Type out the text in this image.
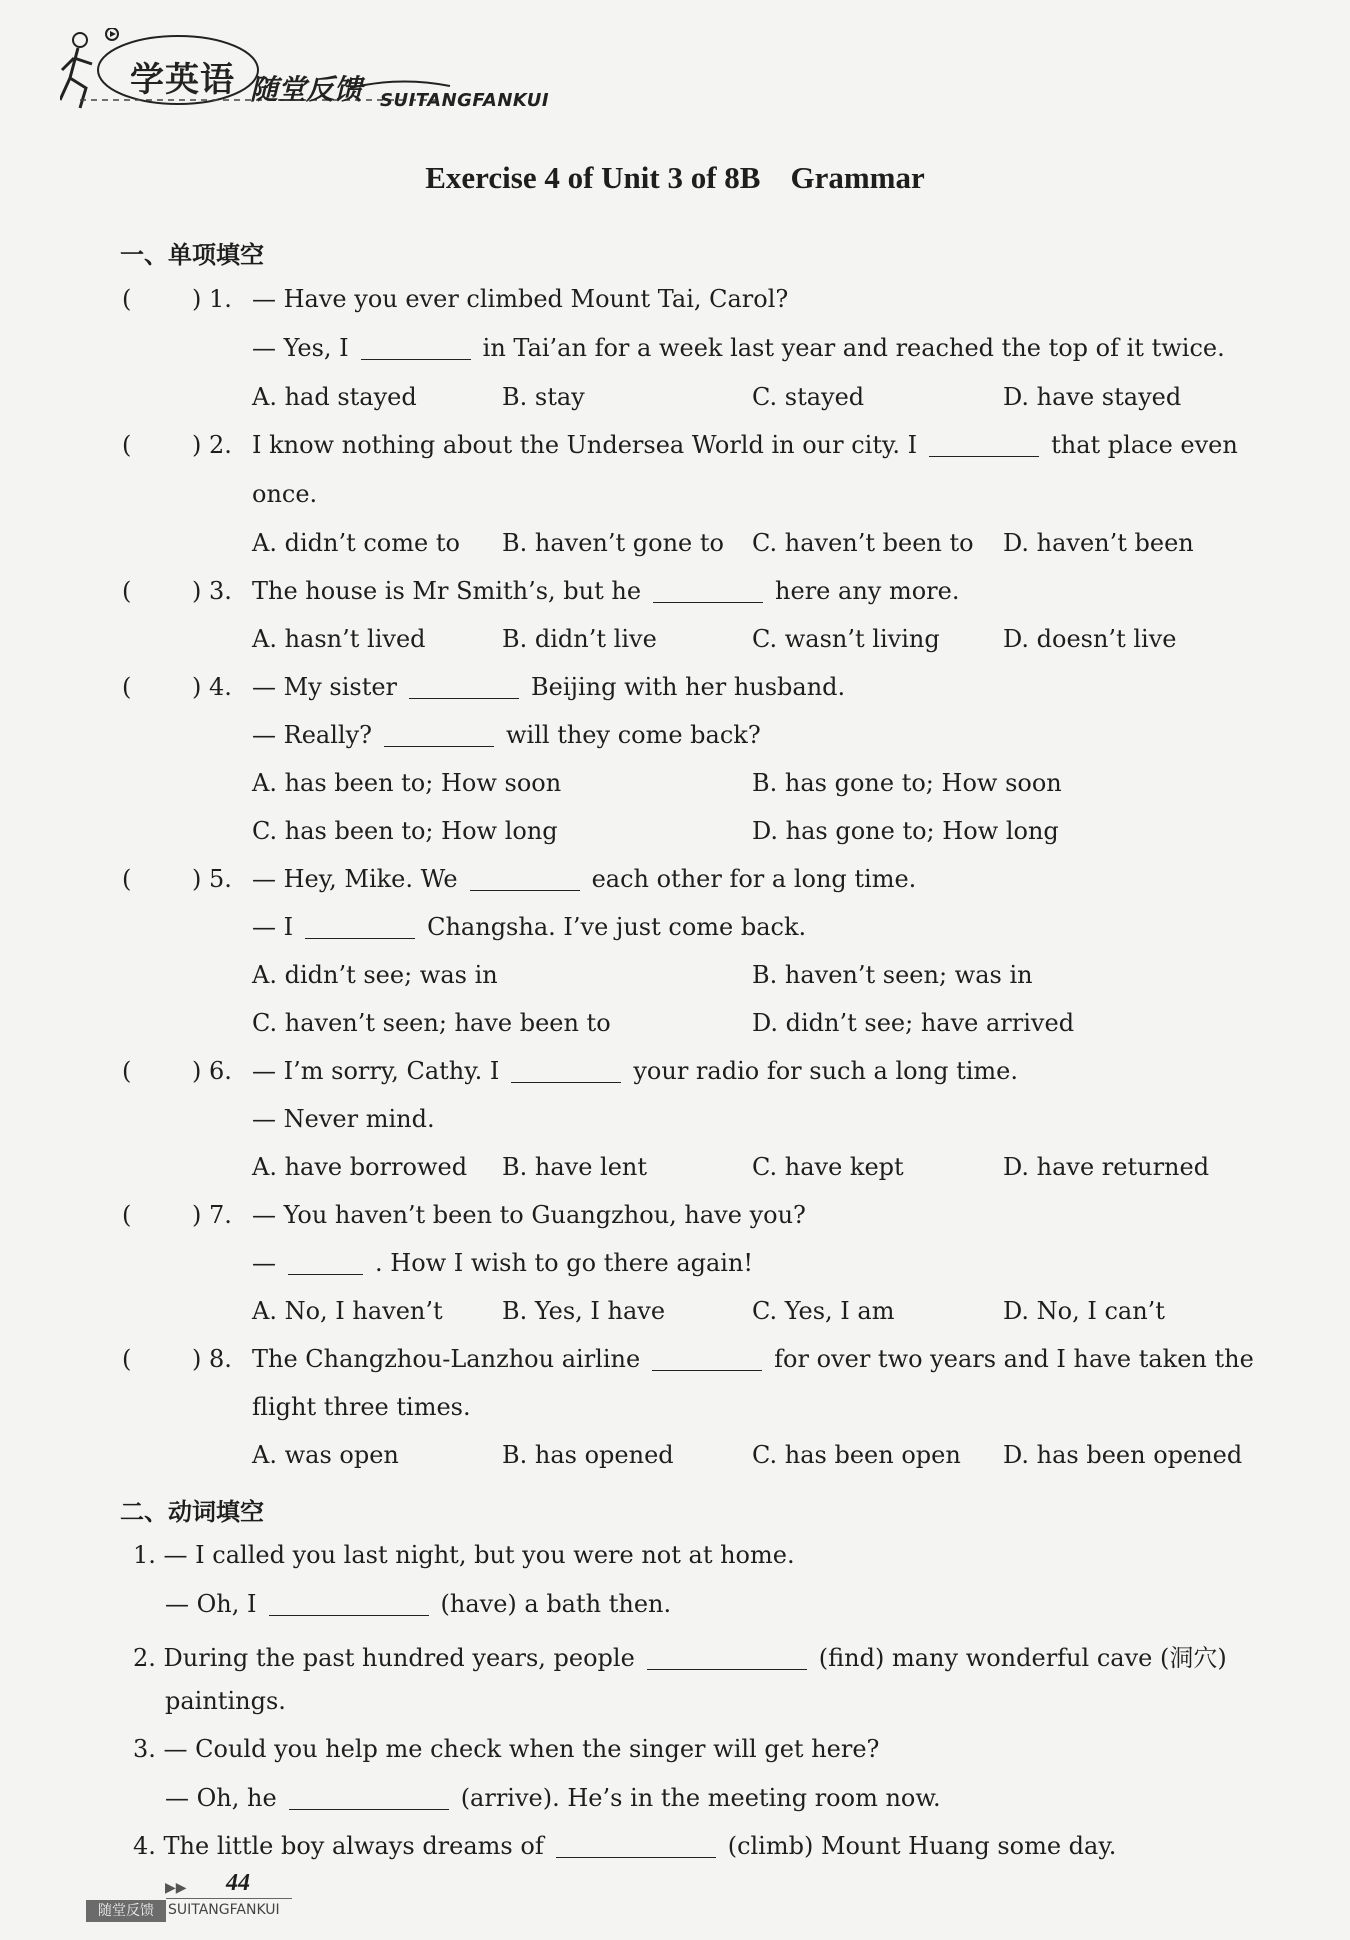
学英语 随堂反馈 SUITANGFANKUI
Exercise 4 of Unit 3 of 8B Grammar
一、单项填空
(	) 1. — Have you ever climbed Mount Tai, Carol?
— Yes, I	in Tai’an for a week last year and reached the top of it twice.
A. had stayed	B. stay	C. stayed	D. have stayed
(	) 2. I know nothing about the Undersea World in our city. I	that place even
once.
A. didn’t come to B. haven’t gone to C. haven’t been to D. haven’t been
(	) 3. The house is Mr Smith’s, but he	here any more.
A. hasn’t lived	B. didn’t live	C. wasn’t living	D. doesn’t live
(	) 4. — My sister	Beijing with her husband.
— Really?	will they come back?
A. has been to; How soon	B. has gone to; How soon
C. has been to; How long	D. has gone to; How long
(	) 5. — Hey, Mike. We	each other for a long time.
— I	Changsha. I’ve just come back.
A. didn’t see; was in	B. haven’t seen; was in
C. haven’t seen; have been to	D. didn’t see; have arrived
(	) 6. — I’m sorry, Cathy. I	your radio for such a long time.
— Never mind.
A. have borrowed B. have lent	C. have kept	D. have returned
(	) 7. — You haven’t been to Guangzhou, have you?
—	. How I wish to go there again!
A. No, I haven’t B. Yes, I have	C. Yes, I am	D. No, I can’t
(	) 8. The Changzhou-Lanzhou airline	for over two years and I have taken the
flight three times.
A. was open	B. has opened	C. has been open D. has been opened
二、动词填空
1. — I called you last night, but you were not at home.
— Oh, I	(have) a bath then.
2. During the past hundred years, people	(find) many wonderful cave (洞穴)
paintings.
3. — Could you help me check when the singer will get here?
— Oh, he	(arrive). He’s in the meeting room now.
4. The little boy always dreams of	(climb) Mount Huang some day.
▶▶ 44
随堂反馈	SUITANGFANKUI
